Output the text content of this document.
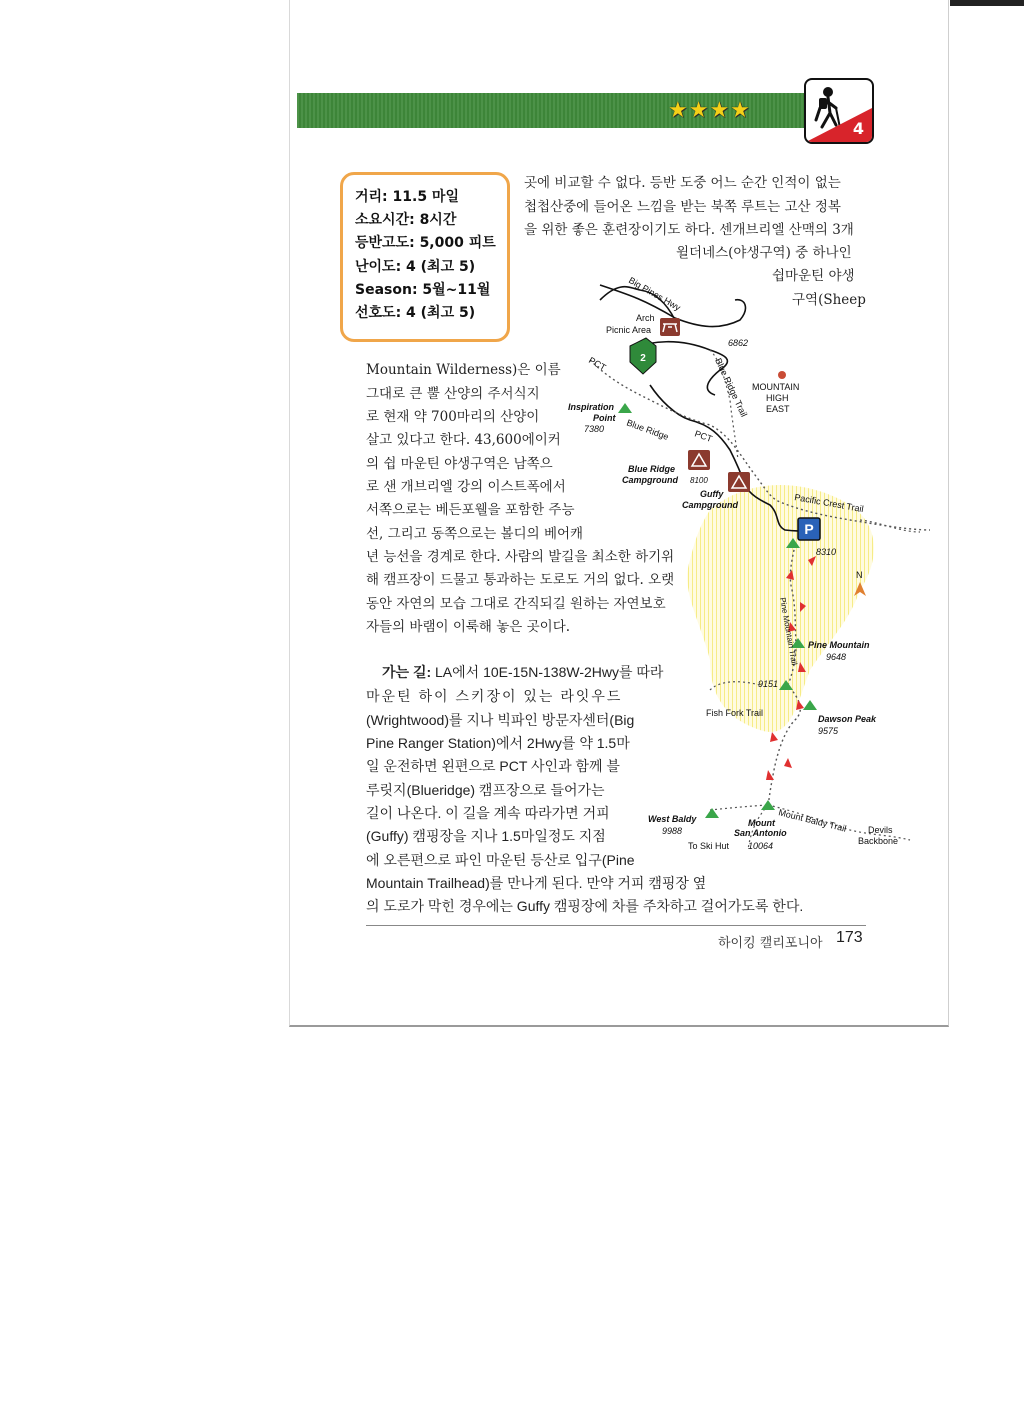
★★★★
4
거리: 11.5 마일
소요시간: 8시간
등반고도: 5,000 피트
난이도: 4 (최고 5)
Season: 5월~11월
선호도: 4 (최고 5)
곳에 비교할 수 없다. 등반 도중 어느 순간 인적이 없는
첩첩산중에 들어온 느낌을 받는 북쪽 루트는 고산 정복
을 위한 좋은 훈련장이기도 하다. 센개브리엘 산맥의 3개
윌더네스(야생구역) 중 하나인
쉽마운틴 야생
구역(Sheep
Mountain Wilderness)은 이름
그대로 큰 뿔 산양의 주서식지
로 현재 약 700마리의 산양이
살고 있다고 한다. 43,600에이커
의 쉽 마운틴 야생구역은 남쪽으
로 샌 개브리엘 강의 이스트폭에서
서쪽으로는 베든포웰을 포함한 주능
선, 그리고 동쪽으로는 볼디의 베어캐
년 능선을 경계로 한다. 사람의 발길을 최소한 하기위
해 캠프장이 드물고 통과하는 도로도 거의 없다. 오랫
동안 자연의 모습 그대로 간직되길 원하는 자연보호
자들의 바램이 이룩해 놓은 곳이다.
가는 길: LA에서 10E-15N-138W-2Hwy를 따라
마운틴 하이 스키장이 있는 라잇우드
(Wrightwood)를 지나 빅파인 방문자센터(Big
Pine Ranger Station)에서 2Hwy를 약 1.5마
일 운전하면 왼편으로 PCT 사인과 함께 블
루릿지(Blueridge) 캠프장으로 들어가는
길이 나온다. 이 길을 계속 따라가면 거피
(Guffy) 캠핑장을 지나 1.5마일정도 지점
에 오른편으로 파인 마운틴 등산로 입구(Pine
Mountain Trailhead)를 만나게 된다. 만약 거피 캠핑장 옆
의 도로가 막힌 경우에는 Guffy 캠핑장에 차를 주차하고 걸어가도록 한다.
2
P
Big Pines Hwy
Arch
Picnic Area
6862
PCT
MOUNTAIN
HIGH
EAST
Blue Ridge Trail
Inspiration
Point
7380 Blue Ridge	PCT
Blue Ridge
Campground 8100
Guffy
Campground	Pacific Crest Trail
8310
N
Pine Mountain Trail Pine Mountain
9648
9151
Fish Fork Trail
Dawson Peak
9575
West Baldy
9988
Mount
San Antonio
10064
To Ski Hut
Mount Baldy Trail Devils
Backbone
하이킹 캘리포니아 173
